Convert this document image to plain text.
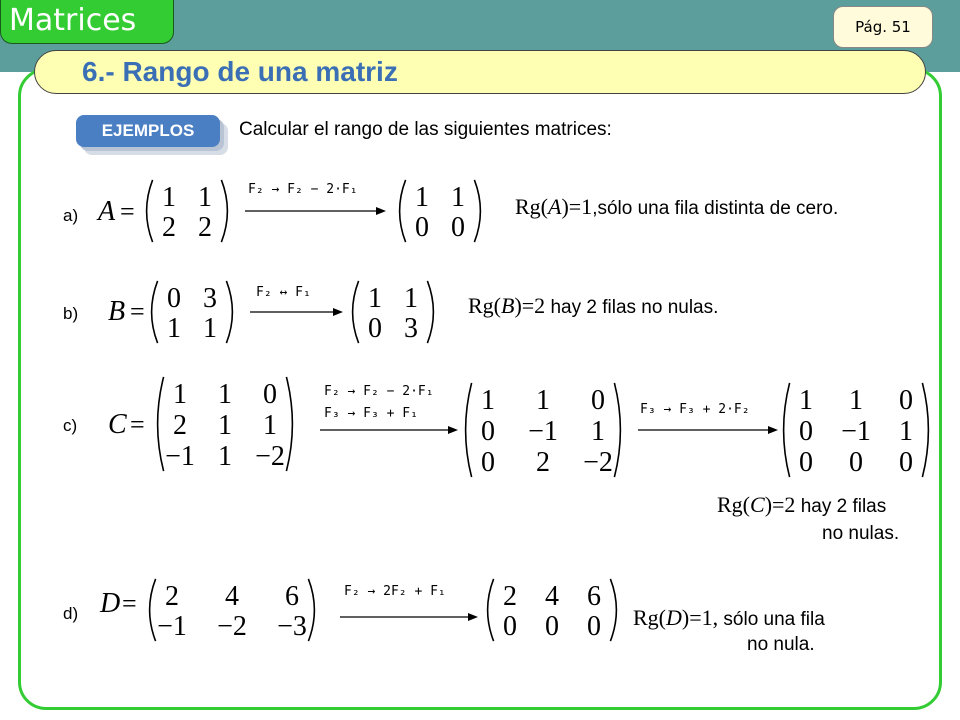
Matrices	Pág. 51
6.- Rango de una matriz
EJEMPLOS	Calcular el rango de las siguientes matrices:
a)
b)
c)
d)
F₂ → F₂ − 2·F₁
F₂ ↔ F₁
F₂ → F₂ − 2·F₁
F₃ → F₃ + F₁	F₃ → F₃ + 2·F₂
F₂ → 2F₂ + F₁
Rg(A)=1,sólo una fila distinta de cero.
Rg(B)=2 hay 2 filas no nulas.
Rg(C)=2 hay 2 filas
no nulas.
Rg(D)=1, sólo una fila
no nula.
A = 1 1
2 2
1 1
0 0
B = 0 3
1 1
1 1
0 3
C =
1 1 0
2 1 1
−1 1 −2
1 1 0
0 −1 1
0 2 −2
1 1 0
0 −1 1
0 0 0
D = 2 4 6
−1 −2 −3
2 4 6
0 0 0
